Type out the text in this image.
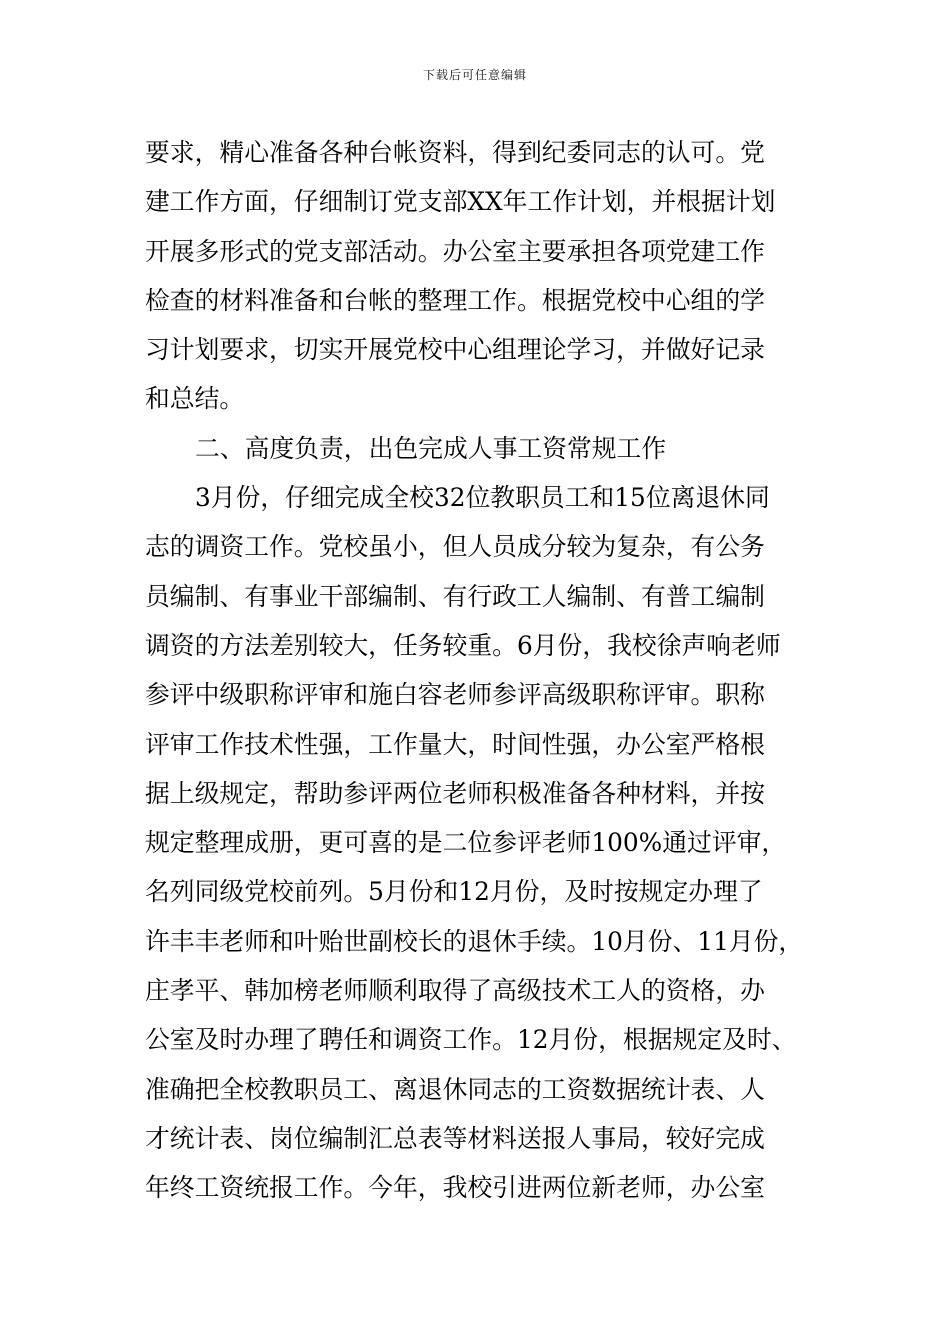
下载后可任意编辑
要求，精心准备各种台帐资料，得到纪委同志的认可。党
建工作方面，仔细制订党支部XX年工作计划，并根据计划
开展多形式的党支部活动。办公室主要承担各项党建工作
检查的材料准备和台帐的整理工作。根据党校中心组的学
习计划要求，切实开展党校中心组理论学习，并做好记录
和总结。
二、高度负责，出色完成人事工资常规工作
3月份，仔细完成全校32位教职员工和15位离退休同
志的调资工作。党校虽小，但人员成分较为复杂，有公务
员编制、有事业干部编制、有行政工人编制、有普工编制
调资的方法差别较大，任务较重。6月份，我校徐声响老师
参评中级职称评审和施白容老师参评高级职称评审。职称
评审工作技术性强，工作量大，时间性强，办公室严格根
据上级规定，帮助参评两位老师积极准备各种材料，并按
规定整理成册，更可喜的是二位参评老师100%通过评审，
名列同级党校前列。5月份和12月份，及时按规定办理了
许丰丰老师和叶贻世副校长的退休手续。10月份、11月份，
庄孝平、韩加榜老师顺利取得了高级技术工人的资格，办
公室及时办理了聘任和调资工作。12月份，根据规定及时、
准确把全校教职员工、离退休同志的工资数据统计表、人
才统计表、岗位编制汇总表等材料送报人事局，较好完成
年终工资统报工作。今年，我校引进两位新老师，办公室
